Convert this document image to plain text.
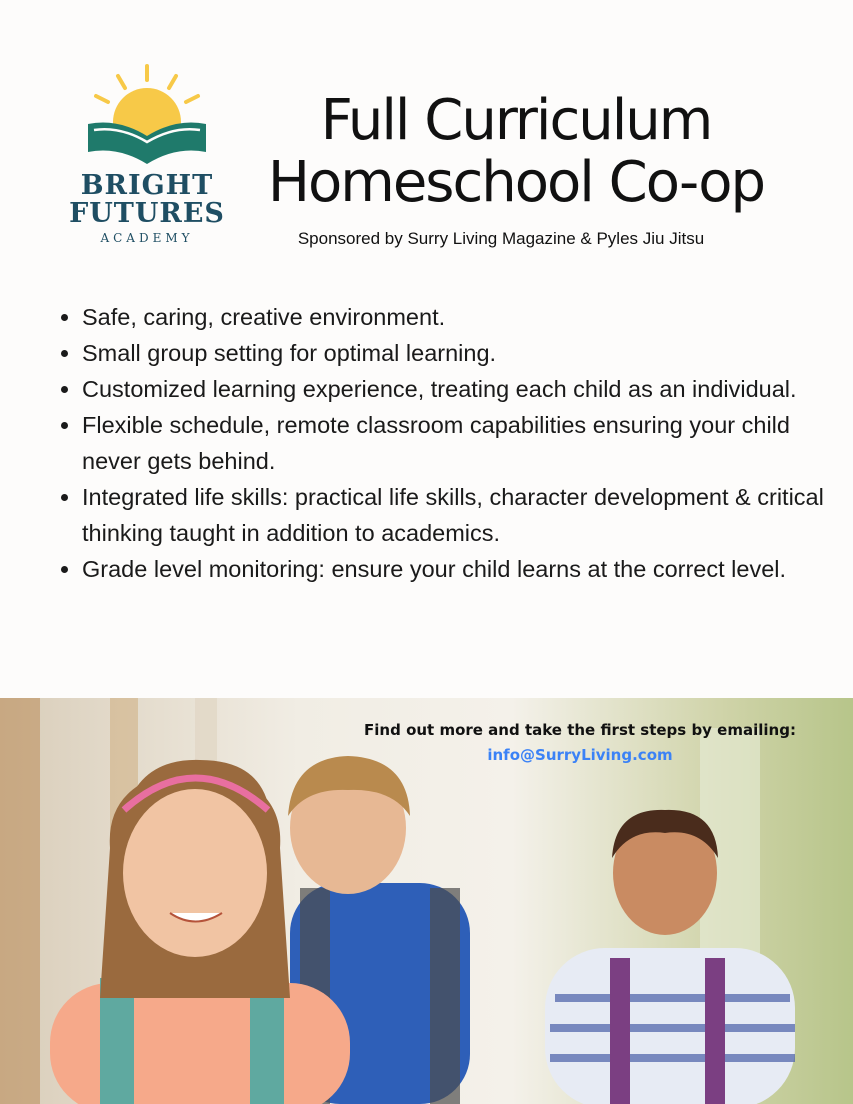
BRIGHT
FUTURES
ACADEMY
Full Curriculum
Homeschool Co-op
Sponsored by Surry Living Magazine & Pyles Jiu Jitsu
Safe, caring, creative environment.
Small group setting for optimal learning.
Customized learning experience, treating each child as an individual.
Flexible schedule, remote classroom capabilities ensuring your child never gets behind.
Integrated life skills: practical life skills, character development & critical thinking taught in addition to academics.
Grade level monitoring: ensure your child learns at the correct level.
Find out more and take the first steps by emailing:
info@SurryLiving.com
